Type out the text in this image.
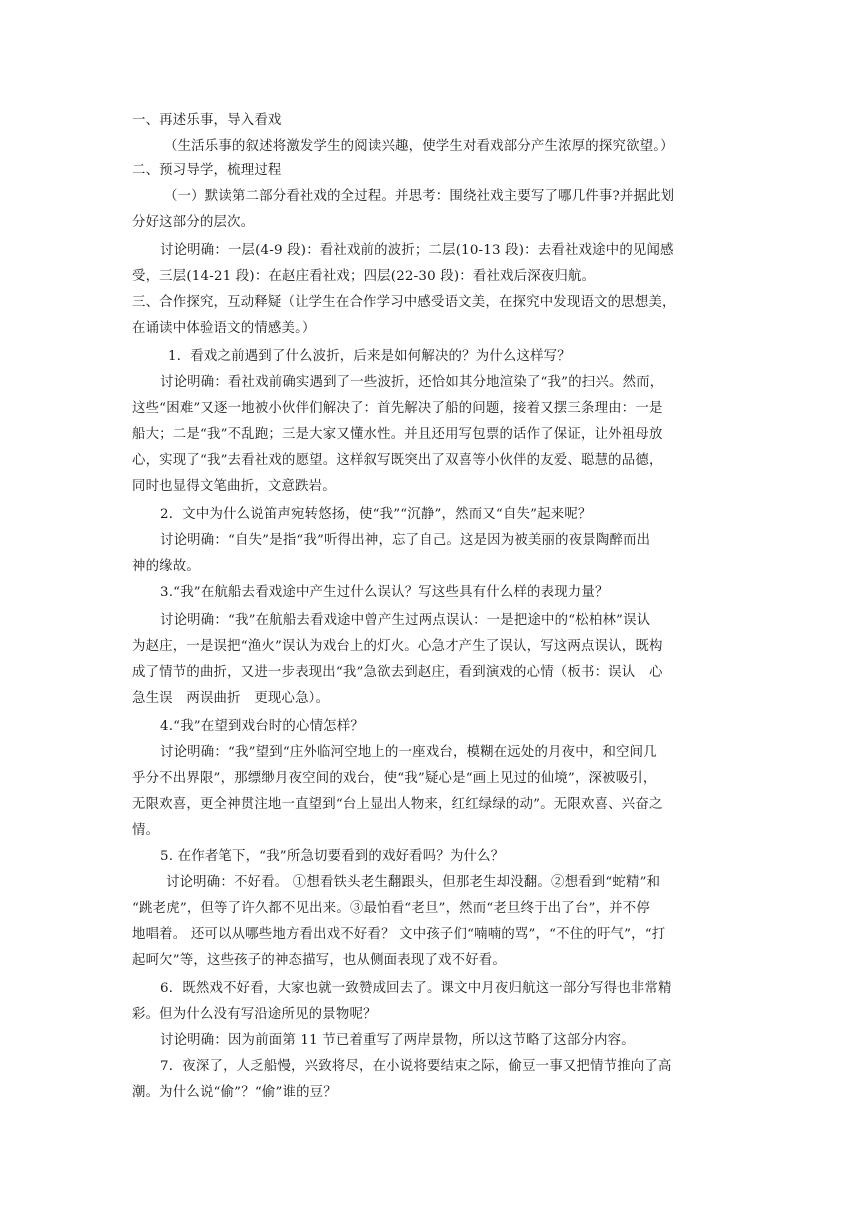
一、再述乐事，导入看戏
（生活乐事的叙述将激发学生的阅读兴趣，使学生对看戏部分产生浓厚的探究欲望。）
二、预习导学，梳理过程
（一）默读第二部分看社戏的全过程。并思考：围绕社戏主要写了哪几件事?并据此划
分好这部分的层次。
讨论明确：一层(4-9 段)：看社戏前的波折；二层(10-13 段)：去看社戏途中的见闻感
受，三层(14-21 段)：在赵庄看社戏；四层(22-30 段)：看社戏后深夜归航。
三、合作探究，互动释疑（让学生在合作学习中感受语文美，在探究中发现语文的思想美，
在诵读中体验语文的情感美。）
1．看戏之前遇到了什么波折，后来是如何解决的？为什么这样写？
讨论明确：看社戏前确实遇到了一些波折，还恰如其分地渲染了“我”的扫兴。然而，
这些“困难”又逐一地被小伙伴们解决了：首先解决了船的问题，接着又摆三条理由：一是
船大；二是“我”不乱跑；三是大家又懂水性。并且还用写包票的话作了保证，让外祖母放
心，实现了“我”去看社戏的愿望。这样叙写既突出了双喜等小伙伴的友爱、聪慧的品德，
同时也显得文笔曲折，文意跌岩。
2．文中为什么说笛声宛转悠扬，使“我”“沉静”，然而又“自失”起来呢？
讨论明确：“自失”是指“我”听得出神，忘了自己。这是因为被美丽的夜景陶醉而出
神的缘故。
3.“我”在航船去看戏途中产生过什么误认？写这些具有什么样的表现力量？
讨论明确：“我”在航船去看戏途中曾产生过两点误认：一是把途中的“松柏林”误认
为赵庄，一是误把“渔火”误认为戏台上的灯火。心急才产生了误认，写这两点误认，既构
成了情节的曲折，又进一步表现出“我”急欲去到赵庄，看到演戏的心情（板书：误认　心
急生误　两误曲折　更现心急）。
4.“我”在望到戏台时的心情怎样？
讨论明确：“我”望到“庄外临河空地上的一座戏台，模糊在远处的月夜中，和空间几
乎分不出界限”，那缥缈月夜空间的戏台，使“我”疑心是“画上见过的仙境”，深被吸引，
无限欢喜，更全神贯注地一直望到“台上显出人物来，红红绿绿的动”。无限欢喜、兴奋之
情。
5. 在作者笔下，“我”所急切要看到的戏好看吗？为什么？
讨论明确：不好看。 ①想看铁头老生翻跟头，但那老生却没翻。②想看到“蛇精”和
“跳老虎”，但等了许久都不见出来。③最怕看“老旦”，然而“老旦终于出了台”，并不停
地唱着。 还可以从哪些地方看出戏不好看？ 文中孩子们“喃喃的骂”，“不住的吁气”，“打
起呵欠”等，这些孩子的神态描写，也从侧面表现了戏不好看。
6．既然戏不好看，大家也就一致赞成回去了。课文中月夜归航这一部分写得也非常精
彩。但为什么没有写沿途所见的景物呢？
讨论明确：因为前面第 11 节已着重写了两岸景物，所以这节略了这部分内容。
7．夜深了，人乏船慢，兴致将尽，在小说将要结束之际，偷豆一事又把情节推向了高
潮。为什么说“偷”？“偷”谁的豆？
